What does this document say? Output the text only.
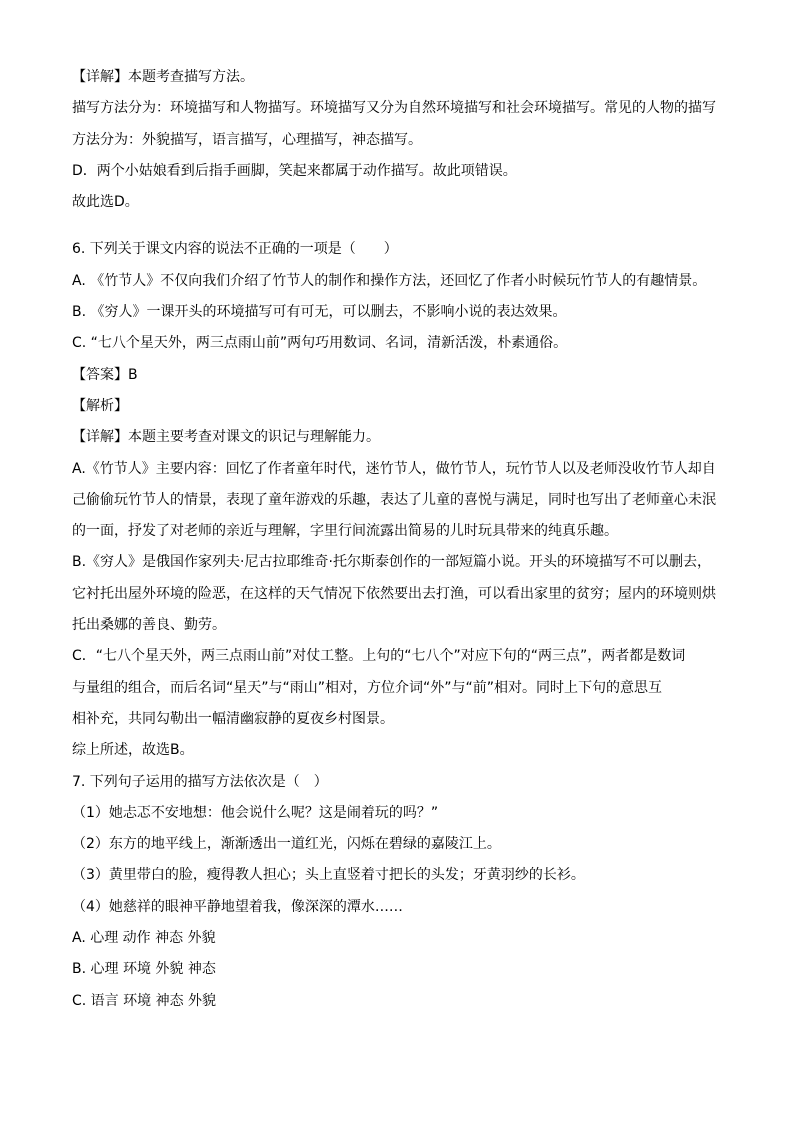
【详解】本题考查描写方法。
描写方法分为：环境描写和人物描写。环境描写又分为自然环境描写和社会环境描写。常见的人物的描写
方法分为：外貌描写，语言描写，心理描写，神态描写。
D．两个小姑娘看到后指手画脚，笑起来都属于动作描写。故此项错误。
故此选D。
6. 下列关于课文内容的说法不正确的一项是（　　）
A. 《竹节人》不仅向我们介绍了竹节人的制作和操作方法，还回忆了作者小时候玩竹节人的有趣情景。
B. 《穷人》一课开头的环境描写可有可无，可以删去，不影响小说的表达效果。
C. “七八个星天外，两三点雨山前”两句巧用数词、名词，清新活泼，朴素通俗。
【答案】B
【解析】
【详解】本题主要考查对课文的识记与理解能力。
A.《竹节人》主要内容：回忆了作者童年时代，迷竹节人，做竹节人，玩竹节人以及老师没收竹节人却自
己偷偷玩竹节人的情景，表现了童年游戏的乐趣，表达了儿童的喜悦与满足，同时也写出了老师童心未泯
的一面，抒发了对老师的亲近与理解，字里行间流露出简易的儿时玩具带来的纯真乐趣。
B.《穷人》是俄国作家列夫·尼古拉耶维奇·托尔斯泰创作的一部短篇小说。开头的环境描写不可以删去，
它衬托出屋外环境的险恶，在这样的天气情况下依然要出去打渔，可以看出家里的贫穷；屋内的环境则烘
托出桑娜的善良、勤劳。
C．“七八个星天外，两三点雨山前”对仗工整。上句的“七八个”对应下句的“两三点”，两者都是数词
与量组的组合，而后名词“星天”与“雨山”相对，方位介词“外”与“前”相对。同时上下句的意思互
相补充，共同勾勒出一幅清幽寂静的夏夜乡村图景。
综上所述，故选B。
7. 下列句子运用的描写方法依次是（　）
（1）她忐忑不安地想：他会说什么呢？这是闹着玩的吗？”
（2）东方的地平线上，渐渐透出一道红光，闪烁在碧绿的嘉陵江上。
（3）黄里带白的脸，瘦得教人担心；头上直竖着寸把长的头发；牙黄羽纱的长衫。
（4）她慈祥的眼神平静地望着我，像深深的潭水……
A. 心理 动作 神态 外貌
B. 心理 环境 外貌 神态
C. 语言 环境 神态 外貌
